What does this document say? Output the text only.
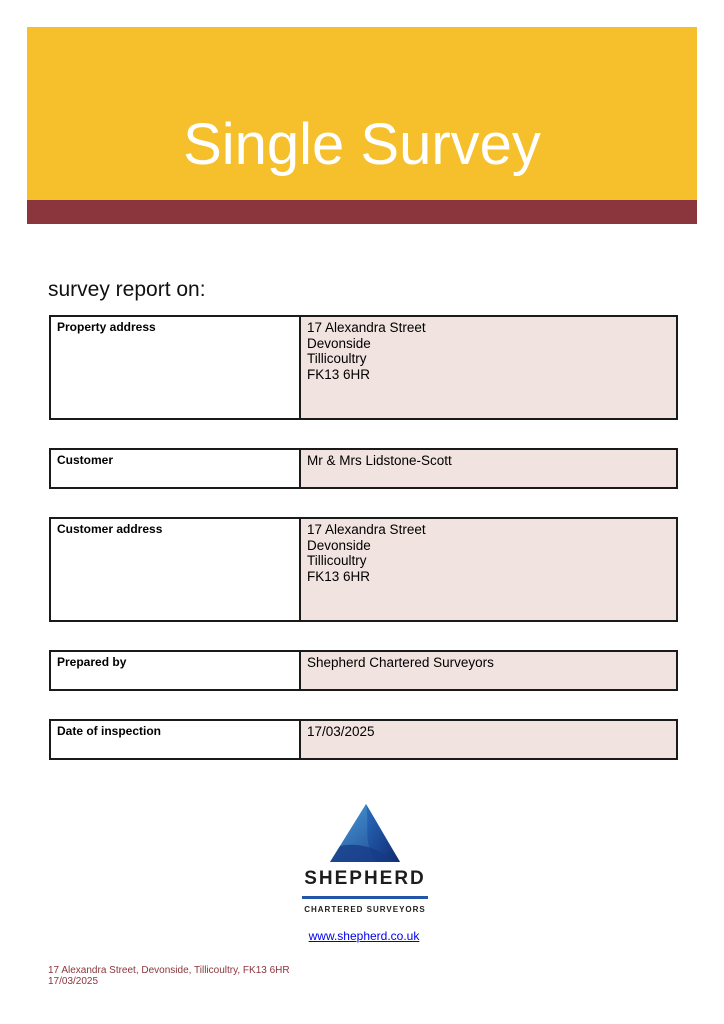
Single Survey
survey report on:
Property address	17 Alexandra Street
Devonside
Tillicoultry
FK13 6HR
Customer	Mr & Mrs Lidstone-Scott
Customer address	17 Alexandra Street
Devonside
Tillicoultry
FK13 6HR
Prepared by	Shepherd Chartered Surveyors
Date of inspection	17/03/2025
SHEPHERD
CHARTERED SURVEYORS
www.shepherd.co.uk
17 Alexandra Street, Devonside, Tillicoultry, FK13 6HR
17/03/2025
